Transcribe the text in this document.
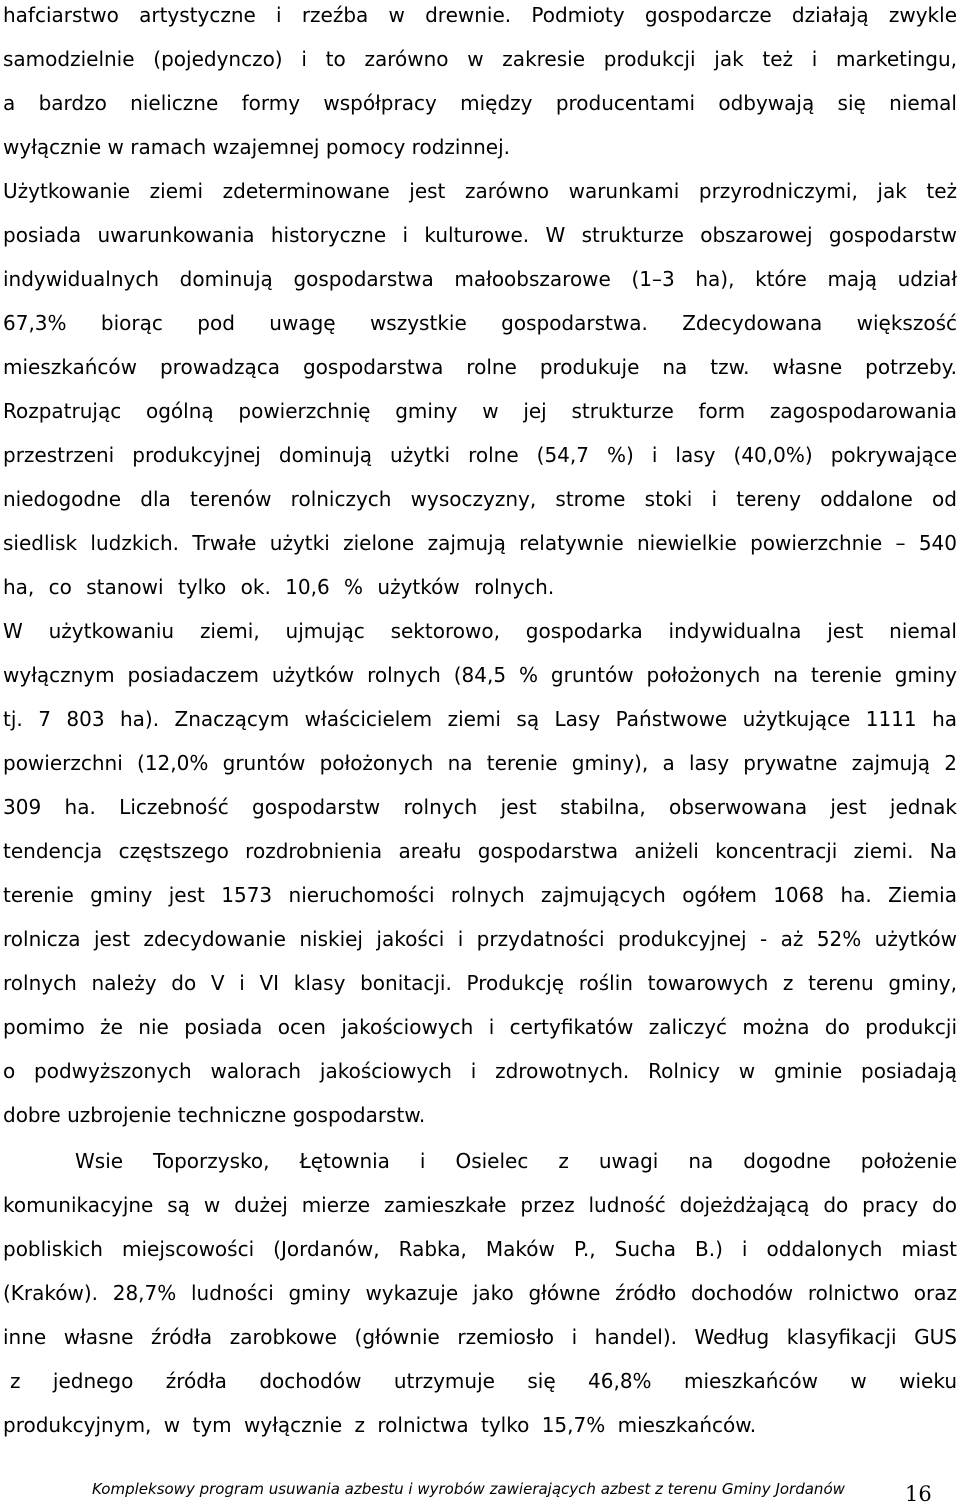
hafciarstwo artystyczne i rzeźba w drewnie. Podmioty gospodarcze działają zwykle
samodzielnie (pojedynczo) i to zarówno w zakresie produkcji jak też i marketingu,
a bardzo nieliczne formy współpracy między producentami odbywają się niemal
wyłącznie w ramach wzajemnej pomocy rodzinnej.
Użytkowanie ziemi zdeterminowane jest zarówno warunkami przyrodniczymi, jak też
posiada uwarunkowania historyczne i kulturowe. W strukturze obszarowej gospodarstw
indywidualnych dominują gospodarstwa małoobszarowe (1–3 ha), które mają udział
67,3% biorąc pod uwagę wszystkie gospodarstwa. Zdecydowana większość
mieszkańców prowadząca gospodarstwa rolne produkuje na tzw. własne potrzeby.
Rozpatrując ogólną powierzchnię gminy w jej strukturze form zagospodarowania
przestrzeni produkcyjnej dominują użytki rolne (54,7 %) i lasy (40,0%) pokrywające
niedogodne dla terenów rolniczych wysoczyzny, strome stoki i tereny oddalone od
siedlisk ludzkich. Trwałe użytki zielone zajmują relatywnie niewielkie powierzchnie – 540
ha, co stanowi tylko ok. 10,6 % użytków rolnych.
W użytkowaniu ziemi, ujmując sektorowo, gospodarka indywidualna jest niemal
wyłącznym posiadaczem użytków rolnych (84,5 % gruntów położonych na terenie gminy
tj. 7 803 ha). Znaczącym właścicielem ziemi są Lasy Państwowe użytkujące 1111 ha
powierzchni (12,0% gruntów położonych na terenie gminy), a lasy prywatne zajmują 2
309 ha. Liczebność gospodarstw rolnych jest stabilna, obserwowana jest jednak
tendencja częstszego rozdrobnienia areału gospodarstwa aniżeli koncentracji ziemi. Na
terenie gminy jest 1573 nieruchomości rolnych zajmujących ogółem 1068 ha. Ziemia
rolnicza jest zdecydowanie niskiej jakości i przydatności produkcyjnej - aż 52% użytków
rolnych należy do V i VI klasy bonitacji. Produkcję roślin towarowych z terenu gminy,
pomimo że nie posiada ocen jakościowych i certyfikatów zaliczyć można do produkcji
o podwyższonych walorach jakościowych i zdrowotnych. Rolnicy w gminie posiadają
dobre uzbrojenie techniczne gospodarstw.
Wsie Toporzysko, Łętownia i Osielec z uwagi na dogodne położenie
komunikacyjne są w dużej mierze zamieszkałe przez ludność dojeżdżającą do pracy do
pobliskich miejscowości (Jordanów, Rabka, Maków P., Sucha B.) i oddalonych miast
(Kraków). 28,7% ludności gminy wykazuje jako główne źródło dochodów rolnictwo oraz
inne własne źródła zarobkowe (głównie rzemiosło i handel). Według klasyfikacji GUS
z jednego źródła dochodów utrzymuje się 46,8% mieszkańców w wieku
produkcyjnym, w tym wyłącznie z rolnictwa tylko 15,7% mieszkańców.
Kompleksowy program usuwania azbestu i wyrobów zawierających azbest z terenu Gminy Jordanów	16
